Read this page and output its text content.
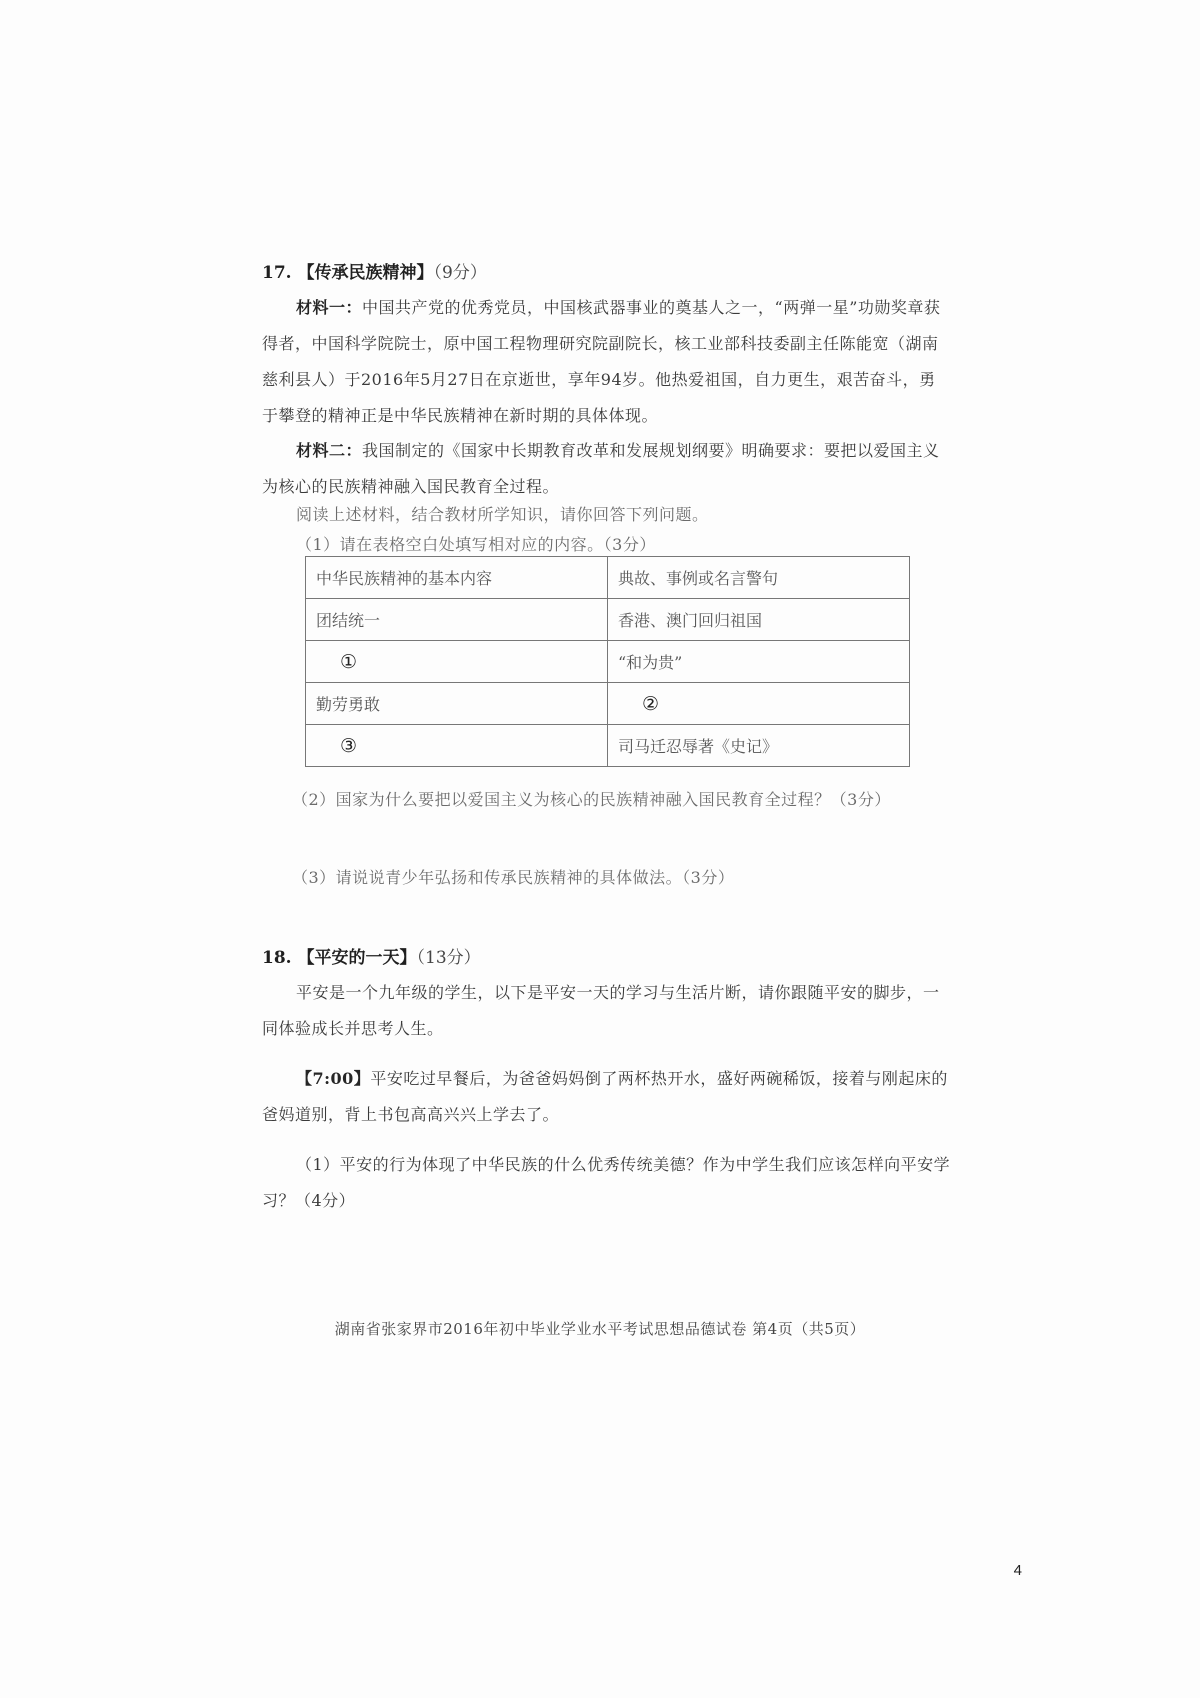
17. 【传承民族精神】（9分）
材料一：中国共产党的优秀党员，中国核武器事业的奠基人之一，“两弹一星”功勋奖章获得者，中国科学院院士，原中国工程物理研究院副院长，核工业部科技委副主任陈能宽（湖南慈利县人）于2016年5月27日在京逝世，享年94岁。他热爱祖国，自力更生，艰苦奋斗，勇于攀登的精神正是中华民族精神在新时期的具体体现。
材料二：我国制定的《国家中长期教育改革和发展规划纲要》明确要求：要把以爱国主义为核心的民族精神融入国民教育全过程。
阅读上述材料，结合教材所学知识，请你回答下列问题。
（1）请在表格空白处填写相对应的内容。（3分）
中华民族精神的基本内容	典故、事例或名言警句
团结统一	香港、澳门回归祖国
①	“和为贵”
勤劳勇敢	②
③	司马迁忍辱著《史记》
（2）国家为什么要把以爱国主义为核心的民族精神融入国民教育全过程？（3分）
（3）请说说青少年弘扬和传承民族精神的具体做法。（3分）
18. 【平安的一天】（13分）
平安是一个九年级的学生，以下是平安一天的学习与生活片断，请你跟随平安的脚步，一同体验成长并思考人生。
【7:00】平安吃过早餐后，为爸爸妈妈倒了两杯热开水，盛好两碗稀饭，接着与刚起床的爸妈道别，背上书包高高兴兴上学去了。
（1）平安的行为体现了中华民族的什么优秀传统美德？作为中学生我们应该怎样向平安学习？（4分）
湖南省张家界市2016年初中毕业学业水平考试思想品德试卷 第4页（共5页）
4
